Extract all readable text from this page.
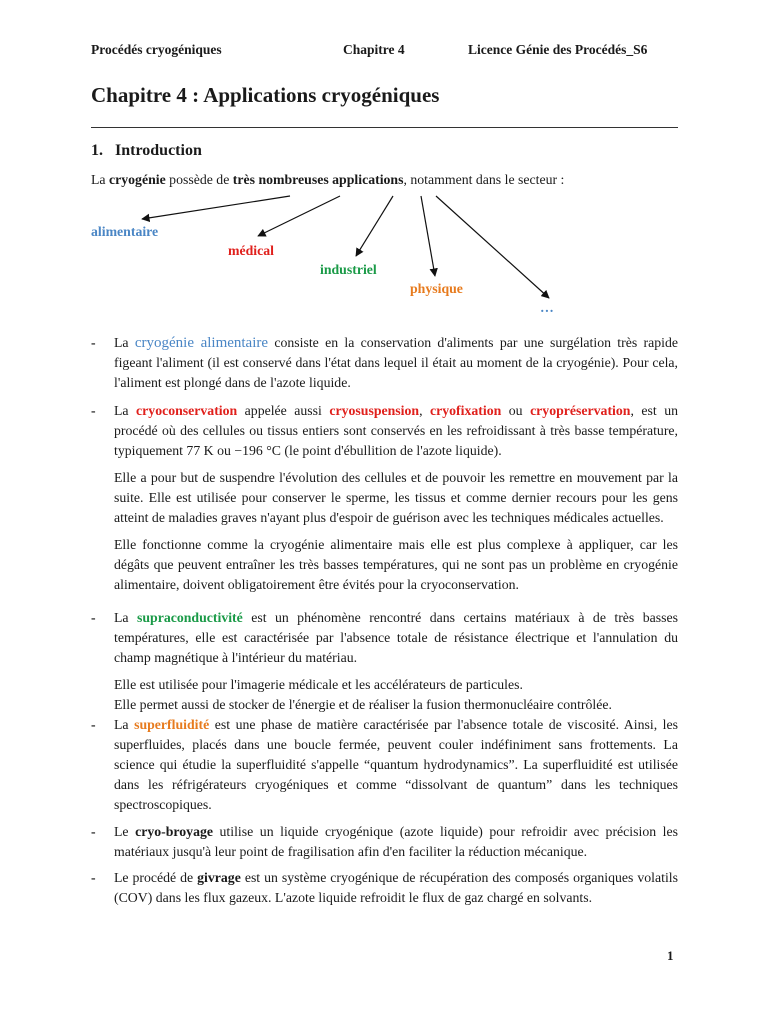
Procédés cryogéniques	Chapitre 4	Licence Génie des Procédés_S6
Chapitre 4 : Applications cryogéniques
1. Introduction
La cryogénie possède de très nombreuses applications, notamment dans le secteur :
alimentaire
médical
industriel
physique
…
- La cryogénie alimentaire consiste en la conservation d'aliments par une surgélation très rapide figeant l'aliment (il est conservé dans l'état dans lequel il était au moment de la cryogénie). Pour cela, l'aliment est plongé dans de l'azote liquide.

- La cryoconservation appelée aussi cryosuspension, cryofixation ou cryopréservation, est un procédé où des cellules ou tissus entiers sont conservés en les refroidissant à très basse température, typiquement 77 K ou −196 °C (le point d'ébullition de l'azote liquide).

Elle a pour but de suspendre l'évolution des cellules et de pouvoir les remettre en mouvement par la suite. Elle est utilisée pour conserver le sperme, les tissus et comme dernier recours pour les gens atteint de maladies graves n'ayant plus d'espoir de guérison avec les techniques médicales actuelles.

Elle fonctionne comme la cryogénie alimentaire mais elle est plus complexe à appliquer, car les dégâts que peuvent entraîner les très basses températures, qui ne sont pas un problème en cryogénie alimentaire, doivent obligatoirement être évités pour la cryoconservation.

- La supraconductivité est un phénomène rencontré dans certains matériaux à de très basses températures, elle est caractérisée par l'absence totale de résistance électrique et l'annulation du champ magnétique à l'intérieur du matériau.

Elle est utilisée pour l'imagerie médicale et les accélérateurs de particules.
Elle permet aussi de stocker de l'énergie et de réaliser la fusion thermonucléaire contrôlée.

- La superfluidité est une phase de matière caractérisée par l'absence totale de viscosité. Ainsi, les superfluides, placés dans une boucle fermée, peuvent couler indéfiniment sans frottements. La science qui étudie la superfluidité s'appelle “quantum hydrodynamics”. La superfluidité est utilisée dans les réfrigérateurs cryogéniques et comme “dissolvant de quantum” dans les techniques spectroscopiques.

- Le cryo-broyage utilise un liquide cryogénique (azote liquide) pour refroidir avec précision les matériaux jusqu'à leur point de fragilisation afin d'en faciliter la réduction mécanique.

- Le procédé de givrage est un système cryogénique de récupération des composés organiques volatils (COV) dans les flux gazeux. L'azote liquide refroidit le flux de gaz chargé en solvants.

1
